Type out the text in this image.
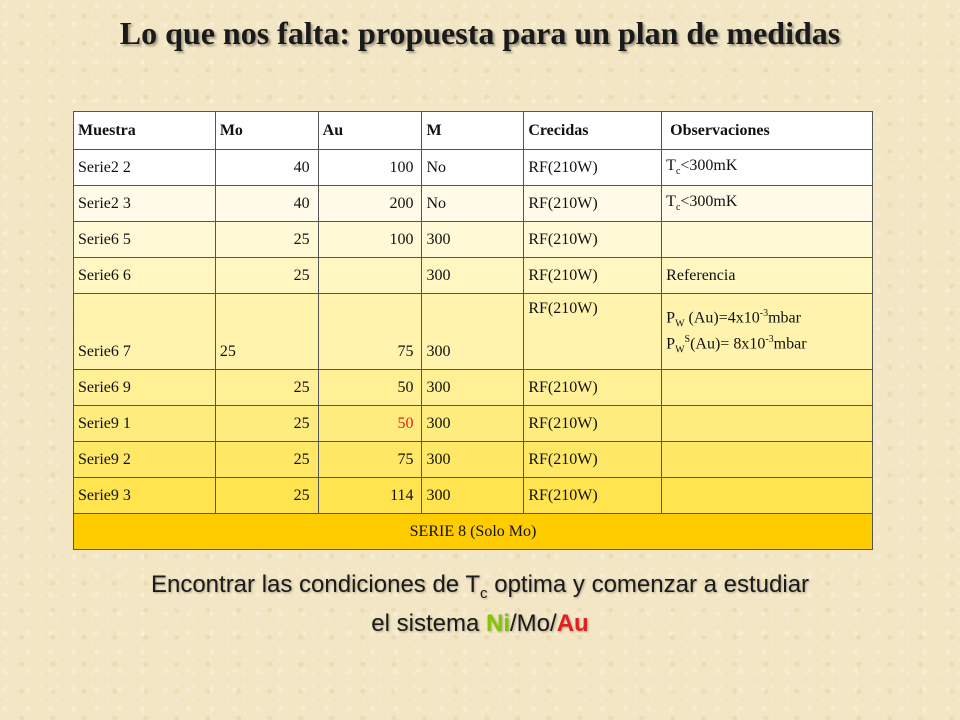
Lo que nos falta: propuesta para un plan de medidas
Muestra	Mo	Au	M	Crecidas	Observaciones
Serie2 2	40	100	No	RF(210W)	$T_c<300mK$
Serie2 3	40	200	No	RF(210W)	$T_c<300mK$
Serie6 5	25	100	300	RF(210W)	
Serie6 6	25		300	RF(210W)	Referencia
Serie6 7	25	75	300	RF(210W)	$P_W$ $(Au)=4x10^{-3}mbar$
$P_W^S(Au)=$ $8x10^{-3}mbar$

Serie6 9	25	50	300	RF(210W)	
Serie9 1	25	50	300	RF(210W)	
Serie9 2	25	75	300	RF(210W)	
Serie9 3	25	114	300	RF(210W)	
SERIE 8 (Solo Mo)					
Encontrar las condiciones de $T_c$ optima y comenzar a estudiar
el sistema Ni/Mo/Au
